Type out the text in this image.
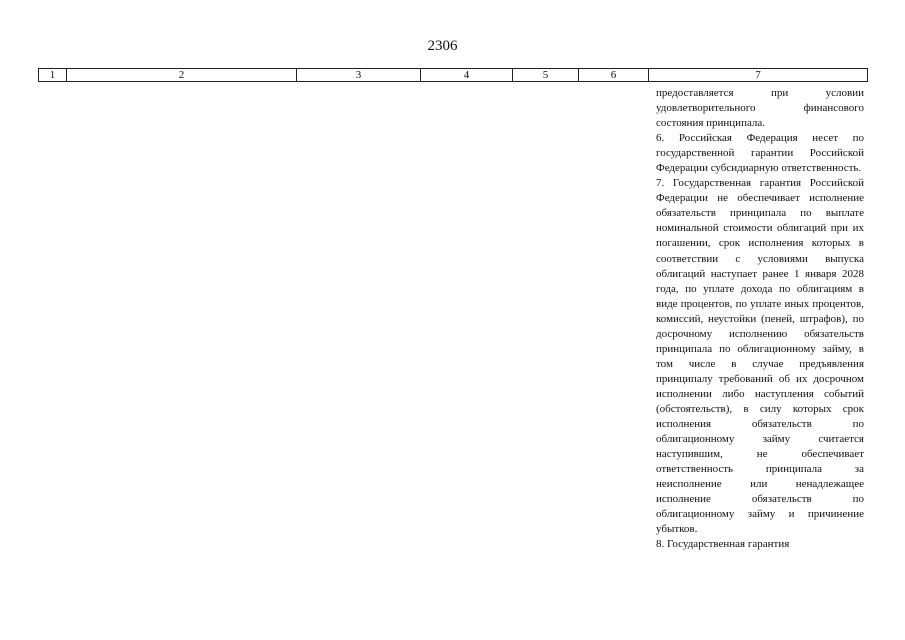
2306
1	2	3	4	5	6	7

предоставляется при условии удовлетворительного финансового состояния принципала.

6. Российская Федерация несет по государственной гарантии Российской Федерации субсидиарную ответственность.

7. Государственная гарантия Российской Федерации не обеспечивает исполнение обязательств принципала по выплате номинальной стоимости облигаций при их погашении, срок исполнения которых в соответствии с условиями выпуска облигаций наступает ранее 1 января 2028 года, по уплате дохода по облигациям в виде процентов, по уплате иных процентов, комиссий, неустойки (пеней, штрафов), по досрочному исполнению обязательств принципала по облигационному займу, в том числе в случае предъявления принципалу требований об их досрочном исполнении либо наступления событий (обстоятельств), в силу которых срок исполнения обязательств по облигационному займу считается наступившим, не обеспечивает ответственность принципала за неисполнение или ненадлежащее исполнение обязательств по облигационному займу и причинение убытков.

8. Государственная гарантия
